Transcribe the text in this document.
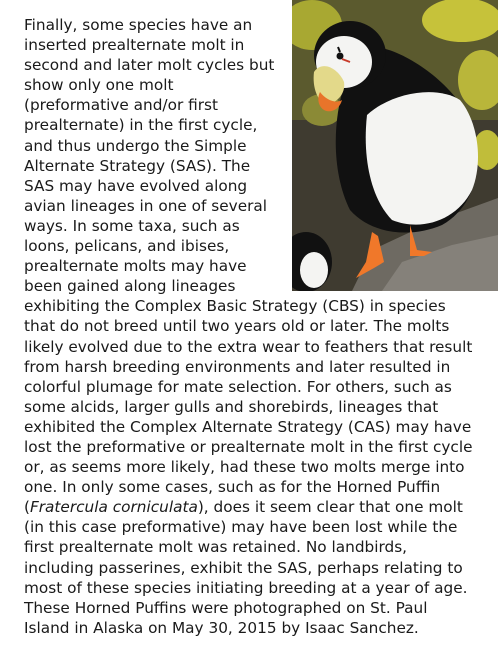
Finally, some species have an inserted prealternate molt in second and later molt cycles but show only one molt (preformative and/or first prealternate) in the first cycle, and thus undergo the Simple Alternate Strategy (SAS). The SAS may have evolved along avian lineages in one of several ways. In some taxa, such as loons, pelicans, and ibises, prealternate molts may have been gained along lineages exhibiting the Complex Basic Strategy (CBS) in species that do not breed until two years old or later. The molts likely evolved due to the extra wear to feathers that result from harsh breeding environments and later resulted in colorful plumage for mate selection. For others, such as some alcids, larger gulls and shorebirds, lineages that exhibited the Complex Alternate Strategy (CAS) may have lost the preformative or prealternate molt in the first cycle or, as seems more likely, had these two molts merge into one. In only some cases, such as for the Horned Puffin (Fratercula corniculata), does it seem clear that one molt (in this case preformative) may have been lost while the first prealternate molt was retained. No landbirds, including passerines, exhibit the SAS, perhaps relating to most of these species initiating breeding at a year of age. These Horned Puffins were photographed on St. Paul Island in Alaska on May 30, 2015 by Isaac Sanchez.
